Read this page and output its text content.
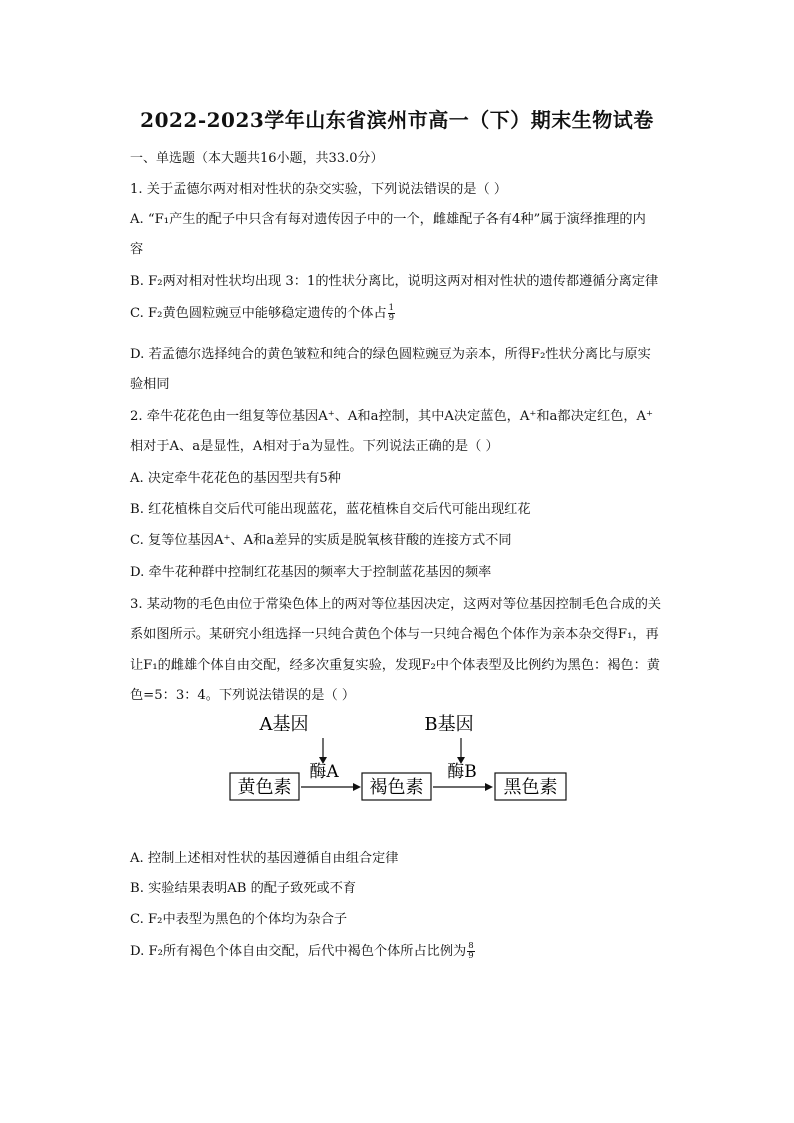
2022-2023学年山东省滨州市高一（下）期末生物试卷
一、单选题（本大题共16小题，共33.0分）
1. 关于孟德尔两对相对性状的杂交实验，下列说法错误的是（ ）
A. “F₁产生的配子中只含有每对遗传因子中的一个，雌雄配子各有4种”属于演绎推理的内
容
B. F₂两对相对性状均出现 3：1的性状分离比，说明这两对相对性状的遗传都遵循分离定律
C. F₂黄色圆粒豌豆中能够稳定遗传的个体占 $\frac{1}{9}$
D. 若孟德尔选择纯合的黄色皱粒和纯合的绿色圆粒豌豆为亲本，所得F₂性状分离比与原实
验相同
2. 牵牛花花色由一组复等位基因A⁺、A和a控制，其中A决定蓝色，A⁺和a都决定红色，A⁺
相对于A、a是显性，A相对于a为显性。下列说法正确的是（ ）
A. 决定牵牛花花色的基因型共有5种
B. 红花植株自交后代可能出现蓝花，蓝花植株自交后代可能出现红花
C. 复等位基因A⁺、A和a差异的实质是脱氧核苷酸的连接方式不同
D. 牵牛花种群中控制红花基因的频率大于控制蓝花基因的频率
3. 某动物的毛色由位于常染色体上的两对等位基因决定，这两对等位基因控制毛色合成的关
系如图所示。某研究小组选择一只纯合黄色个体与一只纯合褐色个体作为亲本杂交得F₁，再
让F₁的雌雄个体自由交配，经多次重复实验，发现F₂中个体表型及比例约为黑色：褐色：黄
色=5：3：4。下列说法错误的是（ ）
A基因	B基因
黄色素
酶A
褐色素
酶B
黑色素
A. 控制上述相对性状的基因遵循自由组合定律
B. 实验结果表明AB 的配子致死或不育
C. F₂中表型为黑色的个体均为杂合子
D. F₂所有褐色个体自由交配，后代中褐色个体所占比例为 $\frac{8}{9}$
